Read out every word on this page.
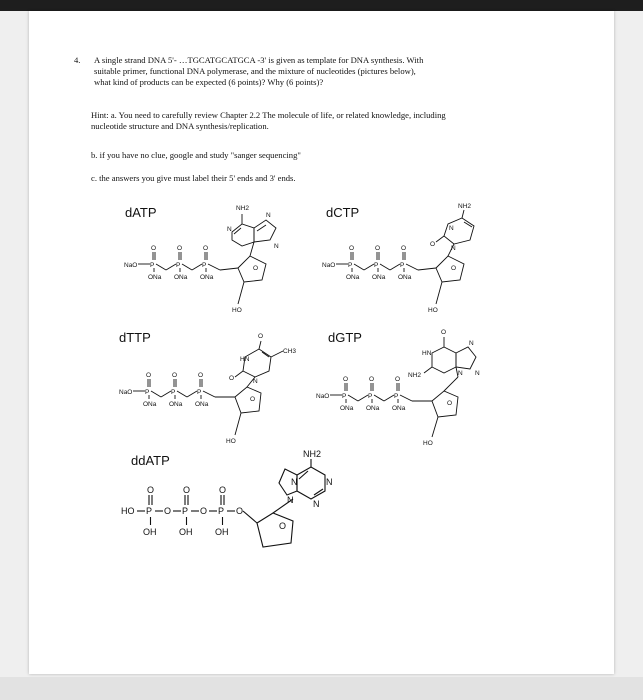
4. A single strand DNA 5'- …TGCATGCATGCA -3' is given as template for DNA synthesis. With
suitable primer, functional DNA polymerase, and the mixture of nucleotides (pictures below),
what kind of products can be expected (6 points)? Why (6 points)?
Hint: a. You need to carefully review Chapter 2.2 The molecule of life, or related knowledge, including
nucleotide structure and DNA synthesis/replication.
b. if you have no clue, google and study "sanger sequencing"
c. the answers you give must label their 5' ends and 3' ends.
dATP	dCTP
dTTP	dGTP
ddATP
NaO P	P	P
O	O	O
ONa ONa ONa
O
HO
NH2
N
N
N
NaO P	P	P
O	O	O
ONa ONa ONa
O
HO
NH2
O
N
N
NaO P	P	P
O	O	O
ONa ONa ONa
O
HO
O
O
HN
CH3
N
NaO P	P	P
O	O	O
ONa ONa ONa
O
HO
O
HN
NH2
N
N
N
HO P	P	P
O	O	O
O	O	O
OH	OH	OH
O
NH2
N	N
N N
